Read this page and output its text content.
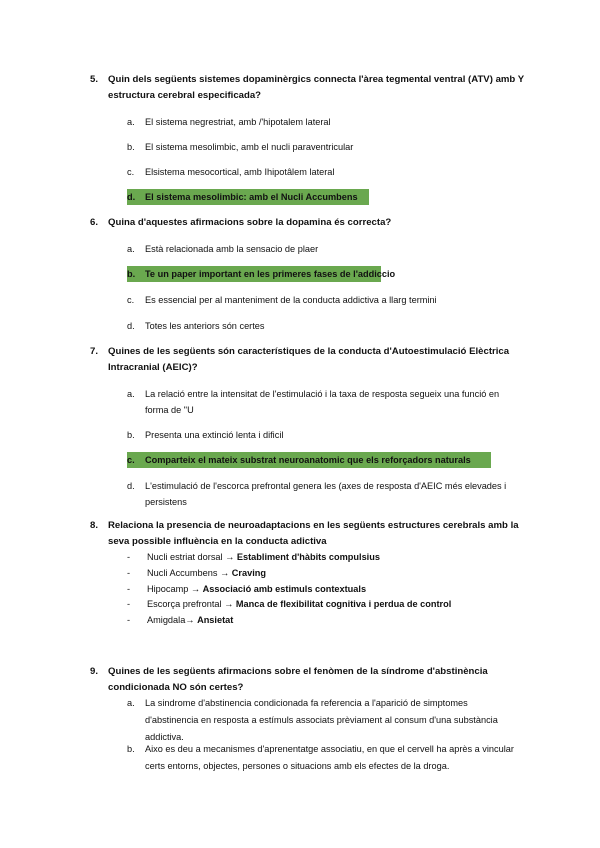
5.	Quin dels següents sistemes dopaminèrgics connecta l'àrea tegmental ventral (ATV) amb Y estructura cerebral especificada?
a.	El sistema negrestriat, amb /'hipotalem lateral
b.	El sistema mesolimbic, amb el nucli paraventricular
c.	Elsistema mesocortical, amb Ihipotâlem lateral
d.	El sistema mesolimbic: amb el Nucli Accumbens
6.	Quina d'aquestes afirmacions sobre la dopamina és correcta?
a.	Està relacionada amb la sensacio de plaer
b.	Te un paper important en les primeres fases de l'addiccio
c.	Es essencial per al manteniment de la conducta addictiva a llarg termini
d.	Totes les anteriors són certes
7.	Quines de les següents són característiques de la conducta d'Autoestimulació Elèctrica Intracranial (AEIC)?
a.	La relació entre la intensitat de l'estimulació i la taxa de resposta segueix una funció en forma de "U
b.	Presenta una extinció lenta i dificil
c.	Comparteix el mateix substrat neuroanatomic que els reforçadors naturals
d.	L'estimulació de l'escorca prefrontal genera les (axes de resposta d'AEIC més elevades i persistens
8.	Relaciona la presencia de neuroadaptacions en les següents estructures cerebrals amb la seva possible influència en la conducta adictiva
- Nucli estriat dorsal → Establiment d'hàbits compulsius
- Nucli Accumbens → Craving
- Hipocamp → Associació amb estimuls contextuals
- Escorça prefrontal → Manca de flexibilitat cognitiva i perdua de control
- Amigdala→ Ansietat
9.	Quines de les següents afirmacions sobre el fenòmen de la síndrome d'abstinència condicionada NO són certes?
a.	La sindrome d'abstinencia condicionada fa referencia a l'aparició de simptomes d'abstinencia en resposta a estímuls associats prèviament al consum d'una substància addictiva.
b.	Aixo es deu a mecanismes d'aprenentatge associatiu, en que el cervell ha après a vincular certs entorns, objectes, persones o situacions amb els efectes de la droga.
